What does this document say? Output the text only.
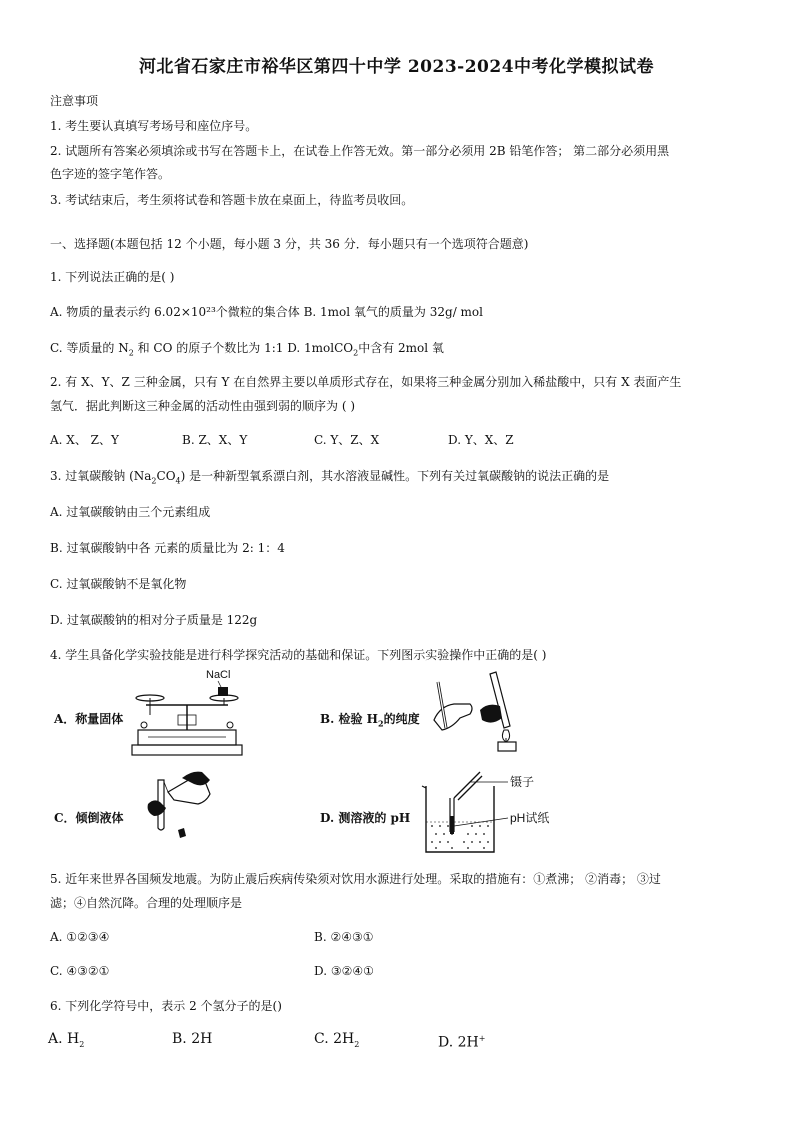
河北省石家庄市裕华区第四十中学 2023-2024中考化学模拟试卷
注意事项
1. 考生要认真填写考场号和座位序号。
2. 试题所有答案必须填涂或书写在答题卡上，在试卷上作答无效。第一部分必须用 2B 铅笔作答； 第二部分必须用黑
色字迹的签字笔作答。
3. 考试结束后，考生须将试卷和答题卡放在桌面上，待监考员收回。
一、选择题(本题包括 12 个小题，每小题 3 分，共 36 分．每小题只有一个选项符合题意)
1. 下列说法正确的是( )
A. 物质的量表示约 6.02×10²³个微粒的集合体 B. 1mol 氧气的质量为 32g/ mol
C. 等质量的 $N_2$ 和 CO 的原子个数比为 1:1 D. 1molCO$_2$中含有 2mol 氧
2. 有 X、Y、Z 三种金属，只有 Y 在自然界主要以单质形式存在，如果将三种金属分别加入稀盐酸中，只有 X 表面产生
氢气．据此判断这三种金属的活动性由强到弱的顺序为 ( )
A. X、 Z、Y	B. Z、X、Y	C. Y、Z、X	D. Y、X、Z
3. 过氧碳酸钠 $(Na_2CO_4)$ 是一种新型氧系漂白剂，其水溶液显碱性。下列有关过氧碳酸钠的说法正确的是
A. 过氧碳酸钠由三个元素组成
B. 过氧碳酸钠中各 元素的质量比为 2: 1：4
C. 过氧碳酸钠不是氧化物
D. 过氧碳酸钠的相对分子质量是 122g
4. 学生具备化学实验技能是进行科学探究活动的基础和保证。下列图示实验操作中正确的是( )
A．称量固体	B. 检验 $H_2$的纯度
C．倾倒液体	D. 测溶液的 pH
NaCl
镊子
pH试纸
5. 近年来世界各国频发地震。为防止震后疾病传染须对饮用水源进行处理。采取的措施有：①煮沸； ②消毒； ③过
滤；④自然沉降。合理的处理顺序是
A. ①②③④	B. ②④③①
C. ④③②①	D. ③②④①
6. 下列化学符号中，表示 2 个氢分子的是()
A. $H_2$	B. 2H	C. $2H_2$	D. 2H+
